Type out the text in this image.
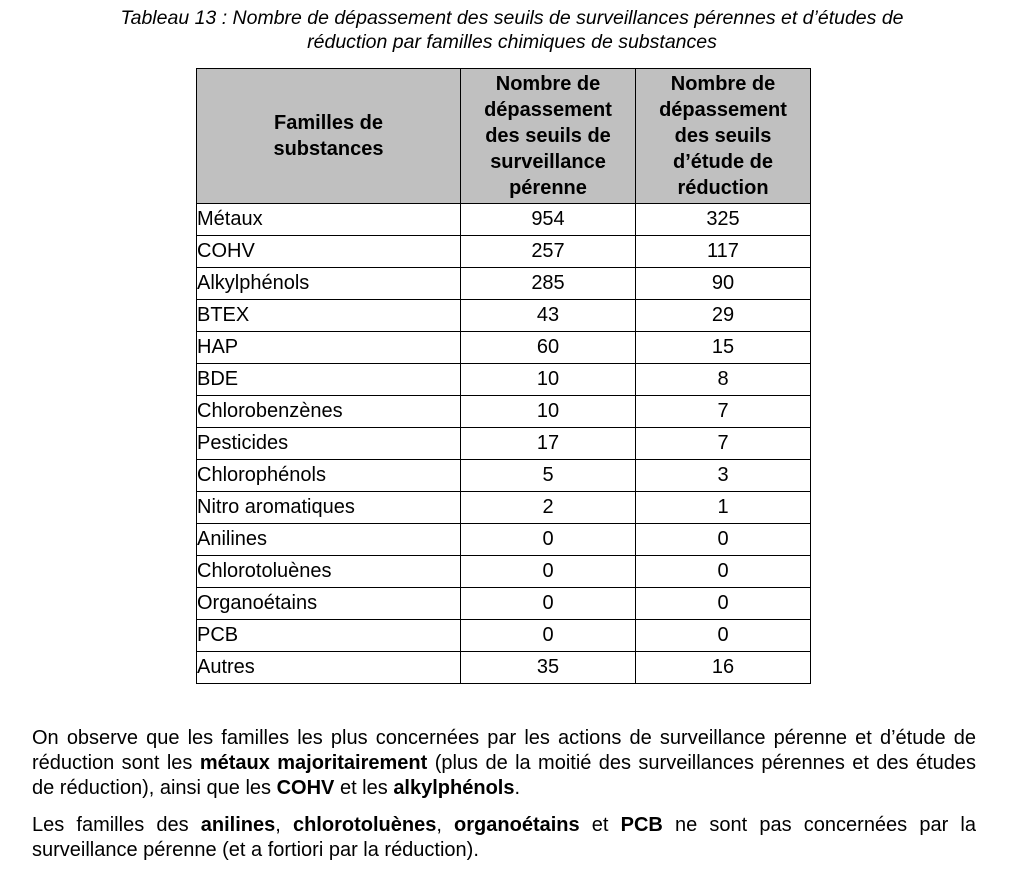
Tableau 13 : Nombre de dépassement des seuils de surveillances pérennes et d’études de
réduction par familles chimiques de substances
Familles de
substances	Nombre de
dépassement
des seuils de
surveillance
pérenne	Nombre de
dépassement
des seuils
d’étude de
réduction

Métaux	954	325
COHV	257	117
Alkylphénols	285	90
BTEX	43	29
HAP	60	15
BDE	10	8
Chlorobenzènes	10	7
Pesticides	17	7
Chlorophénols	5	3
Nitro aromatiques	2	1
Anilines	0	0
Chlorotoluènes	0	0
Organoétains	0	0
PCB	0	0
Autres	35	16

On observe que les familles les plus concernées par les actions de surveillance pérenne et d’étude de réduction sont les métaux majoritairement (plus de la moitié des surveillances pérennes et des études de réduction), ainsi que les COHV et les alkylphénols.

Les familles des anilines, chlorotoluènes, organoétains et PCB ne sont pas concernées par la surveillance pérenne (et a fortiori par la réduction).
